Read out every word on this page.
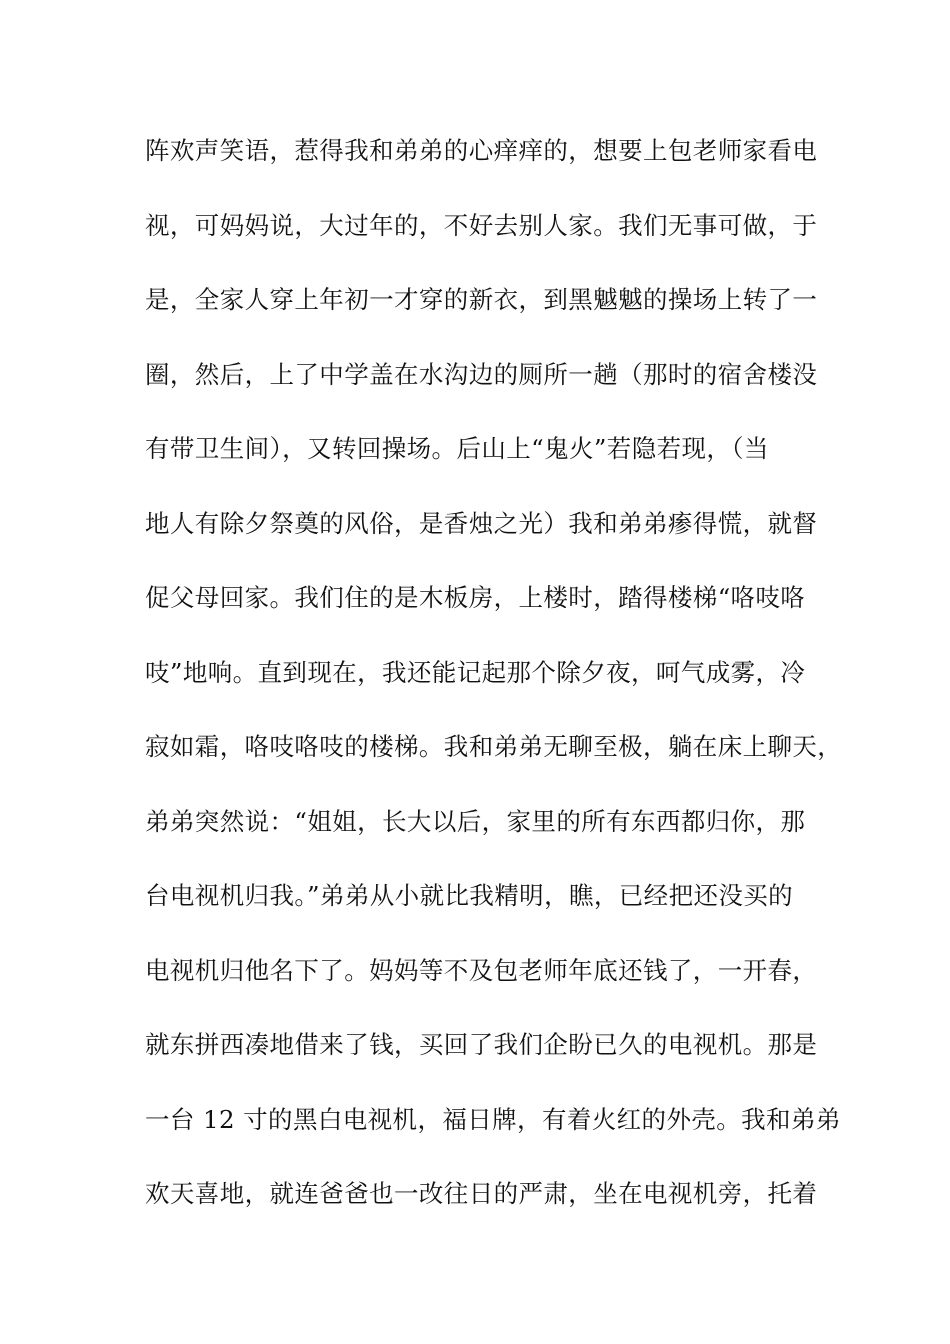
阵欢声笑语，惹得我和弟弟的心痒痒的，想要上包老师家看电
视，可妈妈说，大过年的，不好去别人家。我们无事可做，于
是，全家人穿上年初一才穿的新衣，到黑魆魆的操场上转了一
圈，然后，上了中学盖在水沟边的厕所一趟（那时的宿舍楼没
有带卫生间），又转回操场。后山上“鬼火”若隐若现，（当
地人有除夕祭奠的风俗，是香烛之光）我和弟弟瘆得慌，就督
促父母回家。我们住的是木板房，上楼时，踏得楼梯“咯吱咯
吱”地响。直到现在，我还能记起那个除夕夜，呵气成雾，冷
寂如霜，咯吱咯吱的楼梯。我和弟弟无聊至极，躺在床上聊天，
弟弟突然说：“姐姐，长大以后，家里的所有东西都归你，那
台电视机归我。”弟弟从小就比我精明，瞧，已经把还没买的
电视机归他名下了。妈妈等不及包老师年底还钱了，一开春，
就东拼西凑地借来了钱，买回了我们企盼已久的电视机。那是
一台 12 寸的黑白电视机，福日牌，有着火红的外壳。我和弟弟
欢天喜地，就连爸爸也一改往日的严肃，坐在电视机旁，托着
